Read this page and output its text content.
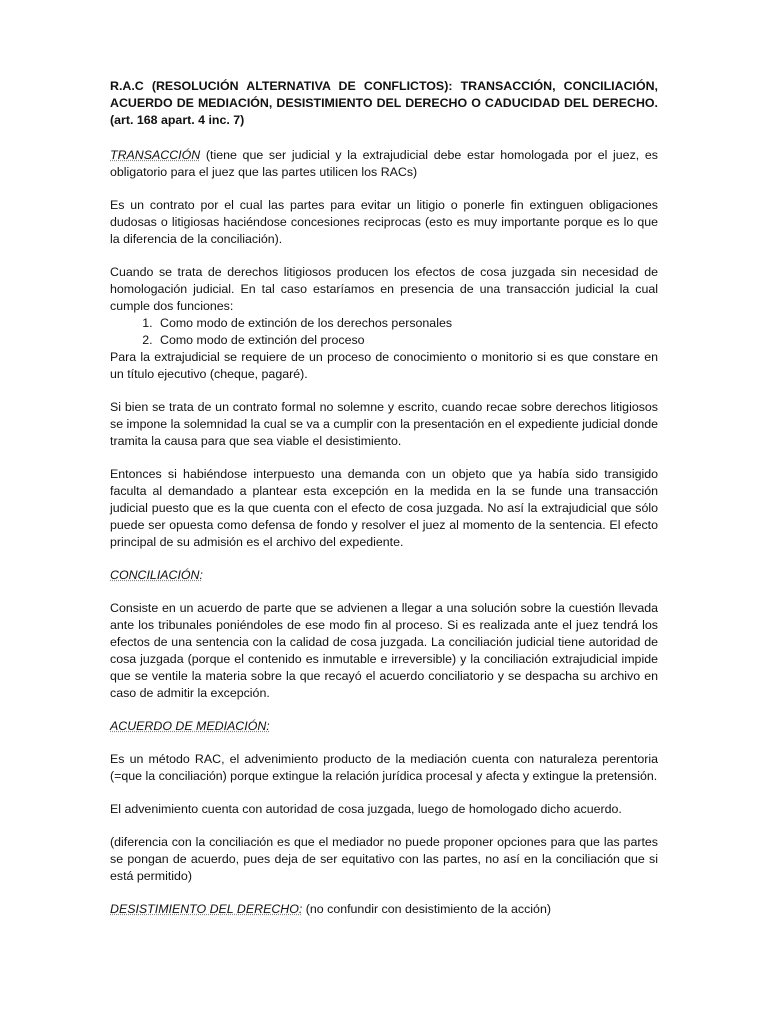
R.A.C (RESOLUCIÓN ALTERNATIVA DE CONFLICTOS): TRANSACCIÓN, CONCILIACIÓN, ACUERDO DE MEDIACIÓN, DESISTIMIENTO DEL DERECHO O CADUCIDAD DEL DERECHO. (art. 168 apart. 4 inc. 7)

TRANSACCIÓN (tiene que ser judicial y la extrajudicial debe estar homologada por el juez, es obligatorio para el juez que las partes utilicen los RACs)

Es un contrato por el cual las partes para evitar un litigio o ponerle fin extinguen obligaciones dudosas o litigiosas haciéndose concesiones reciprocas (esto es muy importante porque es lo que la diferencia de la conciliación).

Cuando se trata de derechos litigiosos producen los efectos de cosa juzgada sin necesidad de homologación judicial. En tal caso estaríamos en presencia de una transacción judicial la cual cumple dos funciones:

1. Como modo de extinción de los derechos personales
2. Como modo de extinción del proceso

Para la extrajudicial se requiere de un proceso de conocimiento o monitorio si es que constare en un título ejecutivo (cheque, pagaré).

Si bien se trata de un contrato formal no solemne y escrito, cuando recae sobre derechos litigiosos se impone la solemnidad la cual se va a cumplir con la presentación en el expediente judicial donde tramita la causa para que sea viable el desistimiento.

Entonces si habiéndose interpuesto una demanda con un objeto que ya había sido transigido faculta al demandado a plantear esta excepción en la medida en la se funde una transacción judicial puesto que es la que cuenta con el efecto de cosa juzgada. No así la extrajudicial que sólo puede ser opuesta como defensa de fondo y resolver el juez al momento de la sentencia. El efecto principal de su admisión es el archivo del expediente.

CONCILIACIÓN:

Consiste en un acuerdo de parte que se advienen a llegar a una solución sobre la cuestión llevada ante los tribunales poniéndoles de ese modo fin al proceso. Si es realizada ante el juez tendrá los efectos de una sentencia con la calidad de cosa juzgada. La conciliación judicial tiene autoridad de cosa juzgada (porque el contenido es inmutable e irreversible) y la conciliación extrajudicial impide que se ventile la materia sobre la que recayó el acuerdo conciliatorio y se despacha su archivo en caso de admitir la excepción.

ACUERDO DE MEDIACIÓN:

Es un método RAC, el advenimiento producto de la mediación cuenta con naturaleza perentoria (=que la conciliación) porque extingue la relación jurídica procesal y afecta y extingue la pretensión.

El advenimiento cuenta con autoridad de cosa juzgada, luego de homologado dicho acuerdo.

(diferencia con la conciliación es que el mediador no puede proponer opciones para que las partes se pongan de acuerdo, pues deja de ser equitativo con las partes, no así en la conciliación que si está permitido)

DESISTIMIENTO DEL DERECHO: (no confundir con desistimiento de la acción)
